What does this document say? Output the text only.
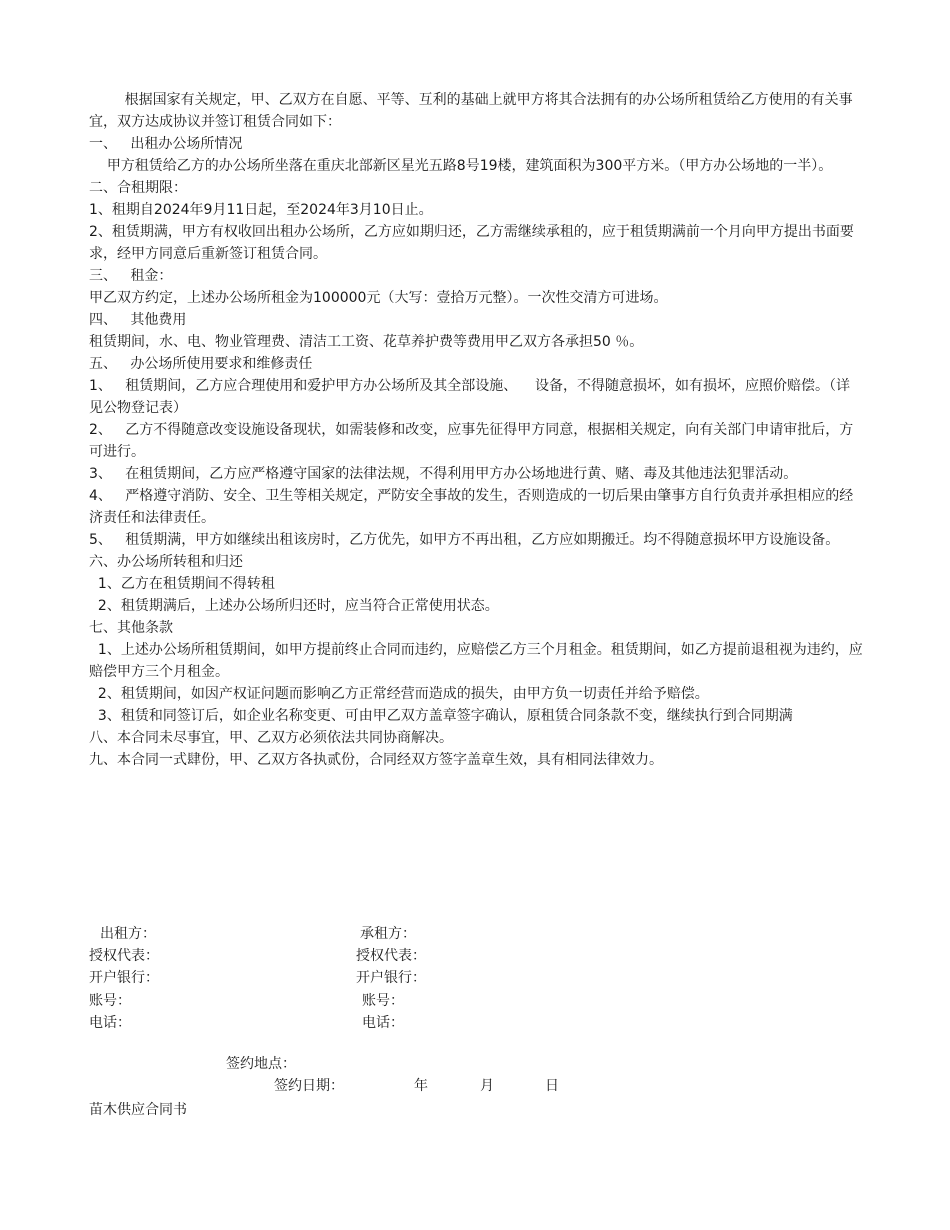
根据国家有关规定，甲、乙双方在自愿、平等、互利的基础上就甲方将其合法拥有的办公场所租赁给乙方使用的有关事宜，双方达成协议并签订租赁合同如下：

一、   出租办公场所情况

甲方租赁给乙方的办公场所坐落在重庆北部新区星光五路8号19楼，建筑面积为300平方米。（甲方办公场地的一半）。

二、合租期限：

1、租期自2024年9月11日起，至2024年3月10日止。

2、租赁期满，甲方有权收回出租办公场所，乙方应如期归还，乙方需继续承租的，应于租赁期满前一个月向甲方提出书面要求，经甲方同意后重新签订租赁合同。

三、   租金：

甲乙双方约定，上述办公场所租金为100000元（大写：壹拾万元整）。一次性交清方可进场。

四、   其他费用

租赁期间，水、电、物业管理费、清洁工工资、花草养护费等费用甲乙双方各承担50 ％。

五、   办公场所使用要求和维修责任

1、   租赁期间，乙方应合理使用和爱护甲方办公场所及其全部设施、    设备，不得随意损坏，如有损坏，应照价赔偿。（详见公物登记表）

2、   乙方不得随意改变设施设备现状，如需装修和改变，应事先征得甲方同意，根据相关规定，向有关部门申请审批后，方可进行。

3、   在租赁期间，乙方应严格遵守国家的法律法规，不得利用甲方办公场地进行黄、赌、毒及其他违法犯罪活动。

4、   严格遵守消防、安全、卫生等相关规定，严防安全事故的发生，否则造成的一切后果由肇事方自行负责并承担相应的经济责任和法律责任。

5、   租赁期满，甲方如继续出租该房时，乙方优先，如甲方不再出租，乙方应如期搬迁。均不得随意损坏甲方设施设备。

六、办公场所转租和归还

1、乙方在租赁期间不得转租

2、租赁期满后，上述办公场所归还时，应当符合正常使用状态。

七、其他条款

1、上述办公场所租赁期间，如甲方提前终止合同而违约，应赔偿乙方三个月租金。租赁期间，如乙方提前退租视为违约，应赔偿甲方三个月租金。

2、租赁期间，如因产权证问题而影响乙方正常经营而造成的损失，由甲方负一切责任并给予赔偿。

3、租赁和同签订后，如企业名称变更、可由甲乙双方盖章签字确认，原租赁合同条款不变，继续执行到合同期满

八、本合同未尽事宜，甲、乙双方必须依法共同协商解决。

九、本合同一式肆份，甲、乙双方各执贰份，合同经双方签字盖章生效，具有相同法律效力。

出租方：	承租方：
授权代表：	授权代表：
开户银行：	开户银行：
账号：	账号：
电话：	电话：
签约地点：
签约日期：	年	月	日
苗木供应合同书
